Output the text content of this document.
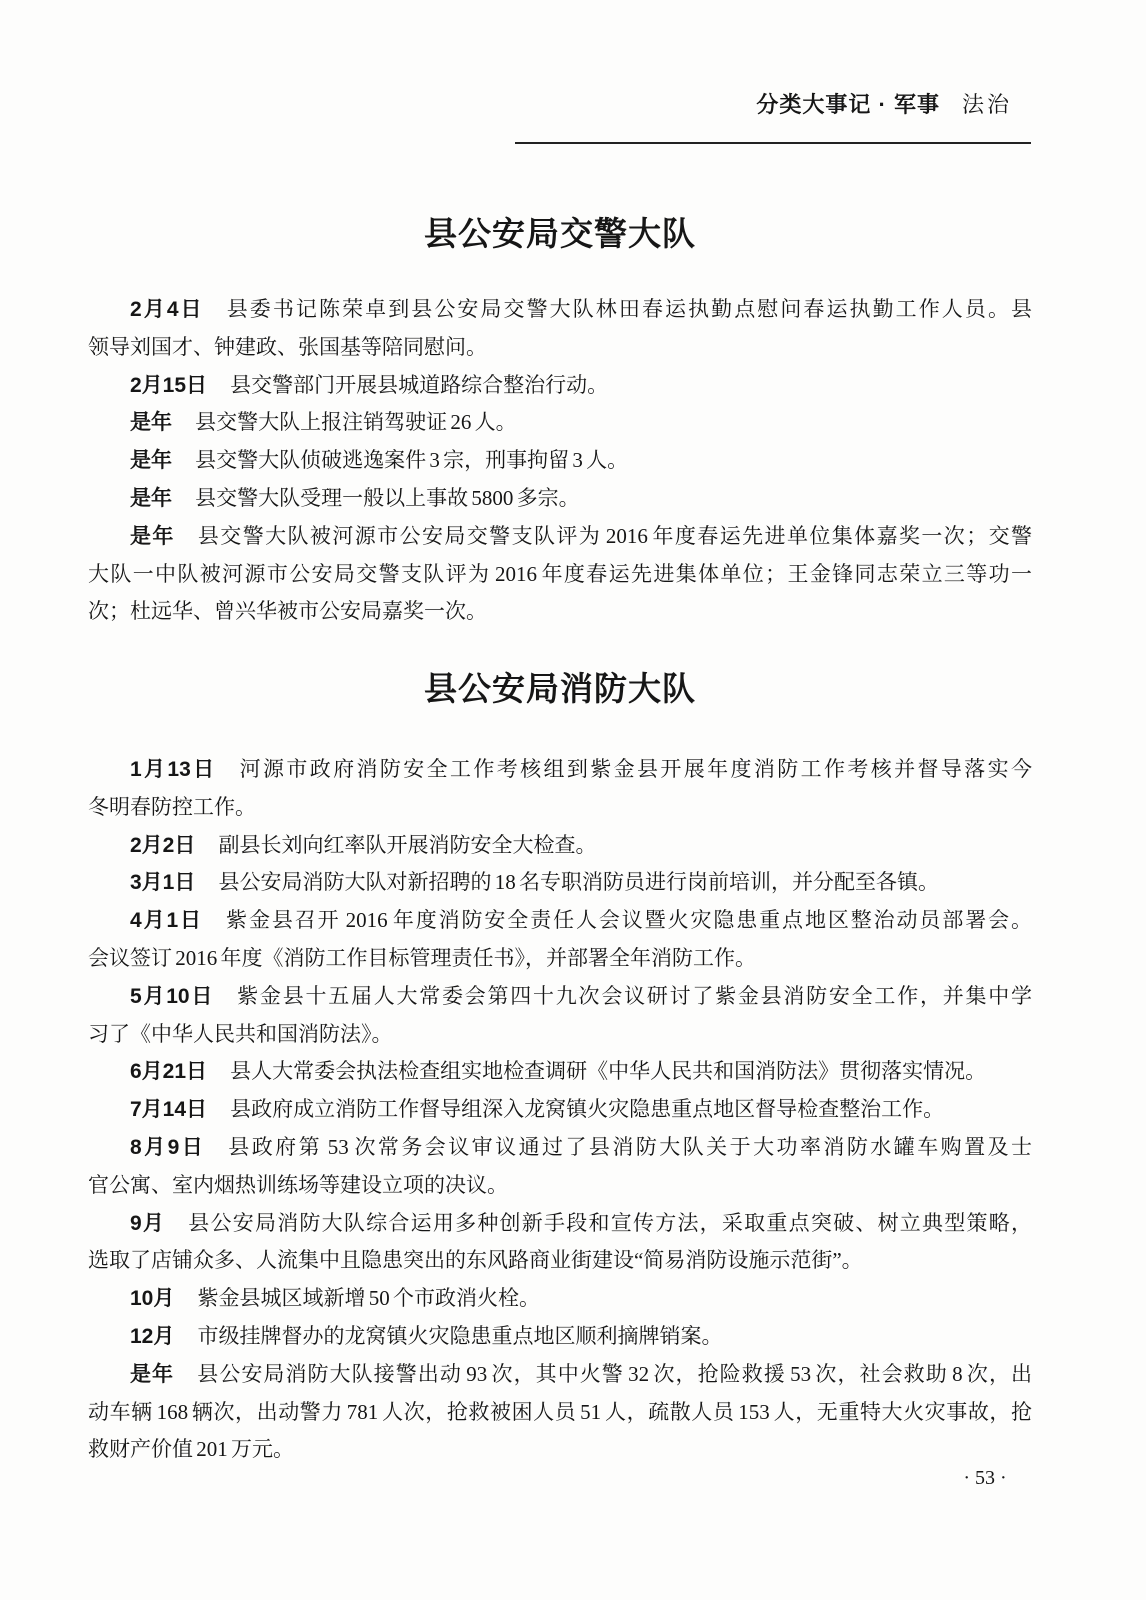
分类大事记 · 军事 法治
县公安局交警大队
2月4日 县委书记陈荣卓到县公安局交警大队林田春运执勤点慰问春运执勤工作人员。县
领导刘国才、钟建政、张国基等陪同慰问。
2月15日 县交警部门开展县城道路综合整治行动。
是年 县交警大队上报注销驾驶证 26 人。
是年 县交警大队侦破逃逸案件 3 宗，刑事拘留 3 人。
是年 县交警大队受理一般以上事故 5800 多宗。
是年 县交警大队被河源市公安局交警支队评为 2016 年度春运先进单位集体嘉奖一次；交警
大队一中队被河源市公安局交警支队评为 2016 年度春运先进集体单位；王金锋同志荣立三等功一
次；杜远华、曾兴华被市公安局嘉奖一次。
县公安局消防大队
1月13日 河源市政府消防安全工作考核组到紫金县开展年度消防工作考核并督导落实今
冬明春防控工作。
2月2日 副县长刘向红率队开展消防安全大检查。
3月1日 县公安局消防大队对新招聘的 18 名专职消防员进行岗前培训，并分配至各镇。
4月1日 紫金县召开 2016 年度消防安全责任人会议暨火灾隐患重点地区整治动员部署会。
会议签订 2016 年度《消防工作目标管理责任书》，并部署全年消防工作。
5月10日 紫金县十五届人大常委会第四十九次会议研讨了紫金县消防安全工作，并集中学
习了《中华人民共和国消防法》。
6月21日 县人大常委会执法检查组实地检查调研《中华人民共和国消防法》贯彻落实情况。
7月14日 县政府成立消防工作督导组深入龙窝镇火灾隐患重点地区督导检查整治工作。
8月9日 县政府第 53 次常务会议审议通过了县消防大队关于大功率消防水罐车购置及士
官公寓、室内烟热训练场等建设立项的决议。
9月 县公安局消防大队综合运用多种创新手段和宣传方法，采取重点突破、树立典型策略，
选取了店铺众多、人流集中且隐患突出的东风路商业街建设“简易消防设施示范街”。
10月 紫金县城区域新增 50 个市政消火栓。
12月 市级挂牌督办的龙窝镇火灾隐患重点地区顺利摘牌销案。
是年 县公安局消防大队接警出动 93 次，其中火警 32 次，抢险救援 53 次，社会救助 8 次，出
动车辆 168 辆次，出动警力 781 人次，抢救被困人员 51 人，疏散人员 153 人，无重特大火灾事故，抢
救财产价值 201 万元。
· 53 ·
